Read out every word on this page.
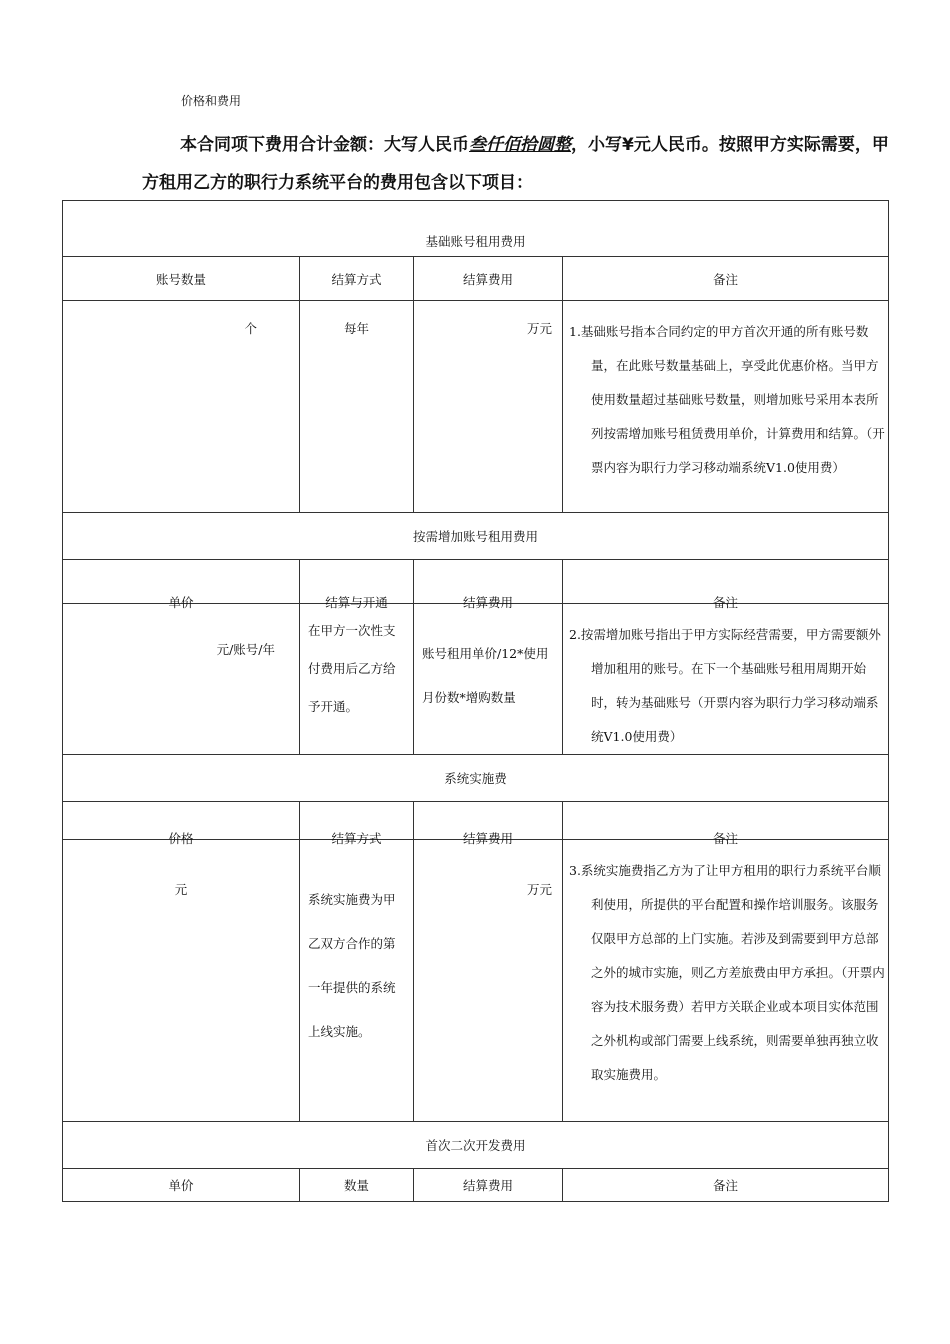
价格和费用
本合同项下费用合计金额：大写人民币叁仟佰拾圆整，小写¥元人民币。按照甲方实际需要，甲方租用乙方的职行力系统平台的费用包含以下项目：
基础账号租用费用			
账号数量	结算方式	结算费用	备注
个	每年	万元	1.基础账号指本合同约定的甲方首次开通的所有账号数量，在此账号数量基础上，享受此优惠价格。当甲方使用数量超过基础账号数量，则增加账号采用本表所列按需增加账号租赁费用单价，计算费用和结算。（开票内容为职行力学习移动端系统V1.0使用费）
按需增加账号租用费用			

单价	结算与开通	结算费用	备注

元/账号/年	在甲方一次性支付费用后乙方给予开通。	账号租用单价/12*使用月份数*增购数量	2.按需增加账号指出于甲方实际经营需要，甲方需要额外增加租用的账号。在下一个基础账号租用周期开始时，转为基础账号（开票内容为职行力学习移动端系统V1.0使用费）
系统实施费			

价格	结算方式	结算费用	备注

元	系统实施费为甲乙双方合作的第一年提供的系统上线实施。	万元	3.系统实施费指乙方为了让甲方租用的职行力系统平台顺利使用，所提供的平台配置和操作培训服务。该服务仅限甲方总部的上门实施。若涉及到需要到甲方总部之外的城市实施，则乙方差旅费由甲方承担。（开票内容为技术服务费）若甲方关联企业或本项目实体范围之外机构或部门需要上线系统，则需要单独再独立收取实施费用。
首次二次开发费用			
单价	数量	结算费用	备注
